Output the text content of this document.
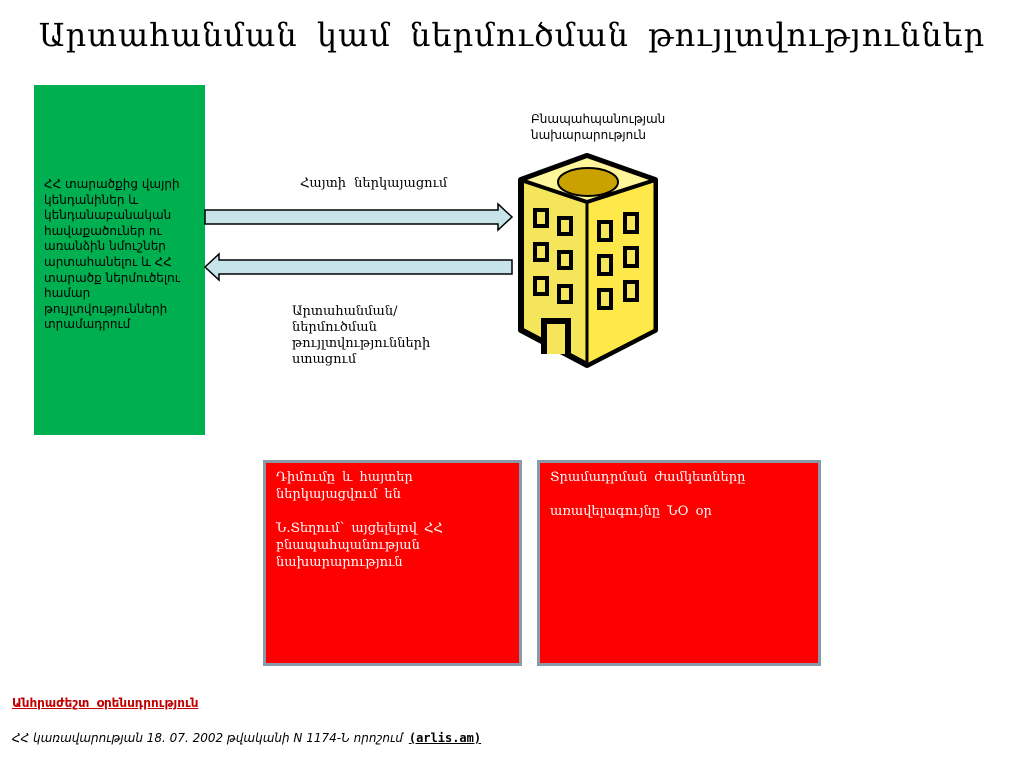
Արտահանման կամ ներմուծման թույլտվություններ
ՀՀ տարածքից վայրի կենդանիներ և կենդանաբանական հավաքածուներ ու առանձին նմուշներ արտահանելու և ՀՀ տարածք ներմուծելու համար թույլտվությունների տրամադրում
Բնապահպանության նախարարություն
Հայտի ներկայացում
Արտահանման/ ներմուծման թույլտվությունների ստացում

Դիմումը և հայտեր ներկայացվում են

Ն.Տեղում՝ այցելելով ՀՀ բնապահպանության նախարարություն

Տրամադրման ժամկետները

առավելագույնը ՆՕ օր

Անհրաժեշտ օրենսդրություն
ՀՀ կառավարության 18. 07. 2002 թվականի N 1174-Ն որոշում (arlis.am)
